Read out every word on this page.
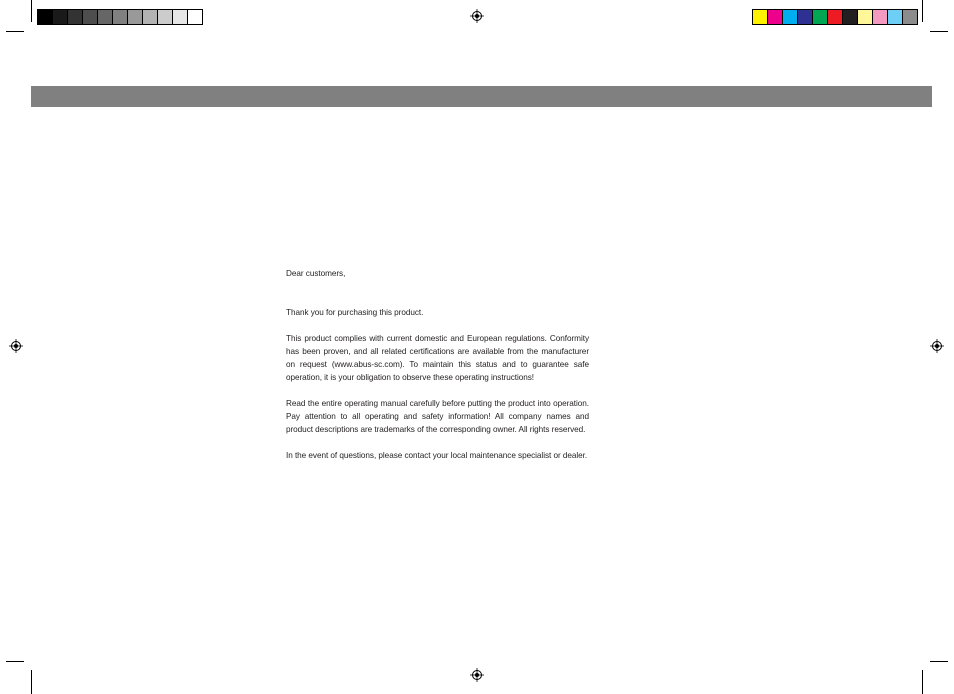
Dear customers,

Thank you for purchasing this product.

This product complies with current domestic and European regulations. Conformity has been proven, and all related certifications are available from the manufacturer on request (www.abus-sc.com). To maintain this status and to guarantee safe operation, it is your obligation to observe these operating instructions!

Read the entire operating manual carefully before putting the product into operation. Pay attention to all operating and safety information! All company names and product descriptions are trademarks of the corresponding owner. All rights reserved.

In the event of questions, please contact your local maintenance specialist or dealer.
